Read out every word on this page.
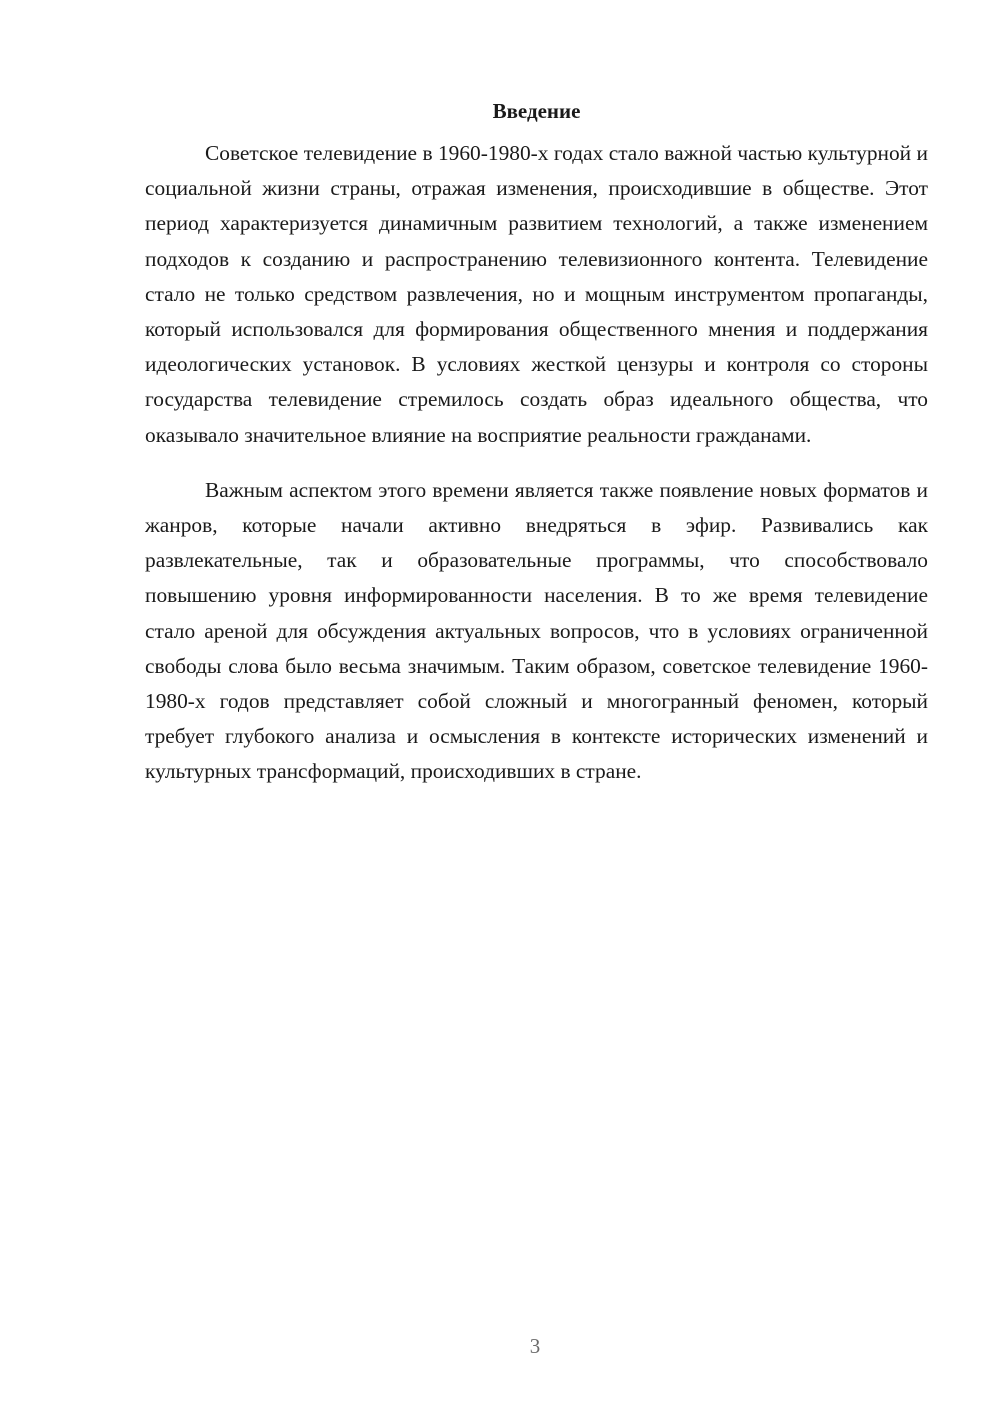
Введение

Советское телевидение в 1960-1980-х годах стало важной частью культурной и социальной жизни страны, отражая изменения, происходившие в обществе. Этот период характеризуется динамичным развитием технологий, а также изменением подходов к созданию и распространению телевизионного контента. Телевидение стало не только средством развлечения, но и мощным инструментом пропаганды, который использовался для формирования общественного мнения и поддержания идеологических установок. В условиях жесткой цензуры и контроля со стороны государства телевидение стремилось создать образ идеального общества, что оказывало значительное влияние на восприятие реальности гражданами.

Важным аспектом этого времени является также появление новых форматов и жанров, которые начали активно внедряться в эфир. Развивались как развлекательные, так и образовательные программы, что способствовало повышению уровня информированности населения. В то же время телевидение стало ареной для обсуждения актуальных вопросов, что в условиях ограниченной свободы слова было весьма значимым. Таким образом, советское телевидение 1960-1980-х годов представляет собой сложный и многогранный феномен, который требует глубокого анализа и осмысления в контексте исторических изменений и культурных трансформаций, происходивших в стране.

3
